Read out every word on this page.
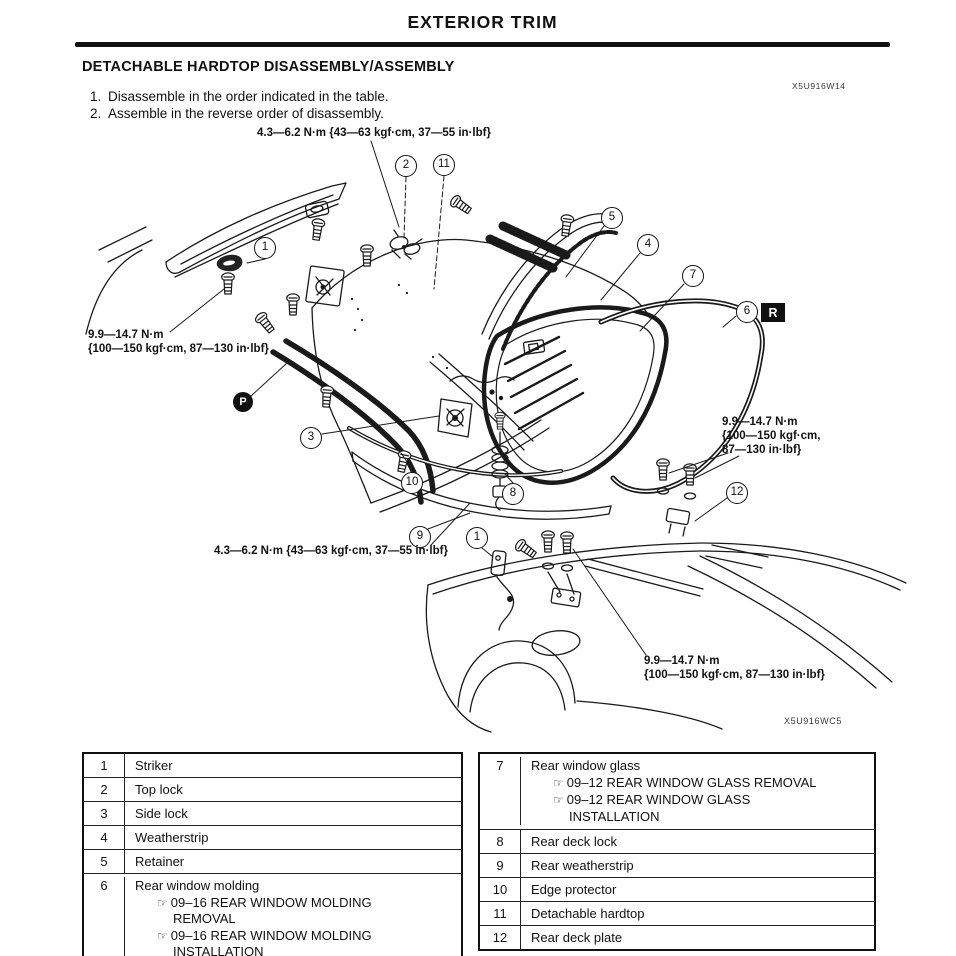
EXTERIOR TRIM
DETACHABLE HARDTOP DISASSEMBLY/ASSEMBLY
X5U916W14
1. Disassemble in the order indicated in the table.
2. Assemble in the reverse order of disassembly.
1
2	11
5
4
7
6
3
10
8
9	1
12
P
R
4.3—6.2 N·m {43—63 kgf·cm, 37—55 in·lbf}
9.9—14.7 N·m
{100—150 kgf·cm, 87—130 in·lbf}
9.9—14.7 N·m
{100—150 kgf·cm,
87—130 in·lbf}
4.3—6.2 N·m {43—63 kgf·cm, 37—55 in·lbf}
9.9—14.7 N·m
{100—150 kgf·cm, 87—130 in·lbf}
X5U916WC5
1	Striker
2	Top lock
3	Side lock
4	Weatherstrip
5	Retainer
6	Rear window molding
☞ 09–16 REAR WINDOW MOLDING REMOVAL
☞ 09–16 REAR WINDOW MOLDING INSTALLATION
7	Rear window glass
☞ 09–12 REAR WINDOW GLASS REMOVAL
☞ 09–12 REAR WINDOW GLASS INSTALLATION
8	Rear deck lock
9	Rear weatherstrip
10	Edge protector
11	Detachable hardtop
12	Rear deck plate
